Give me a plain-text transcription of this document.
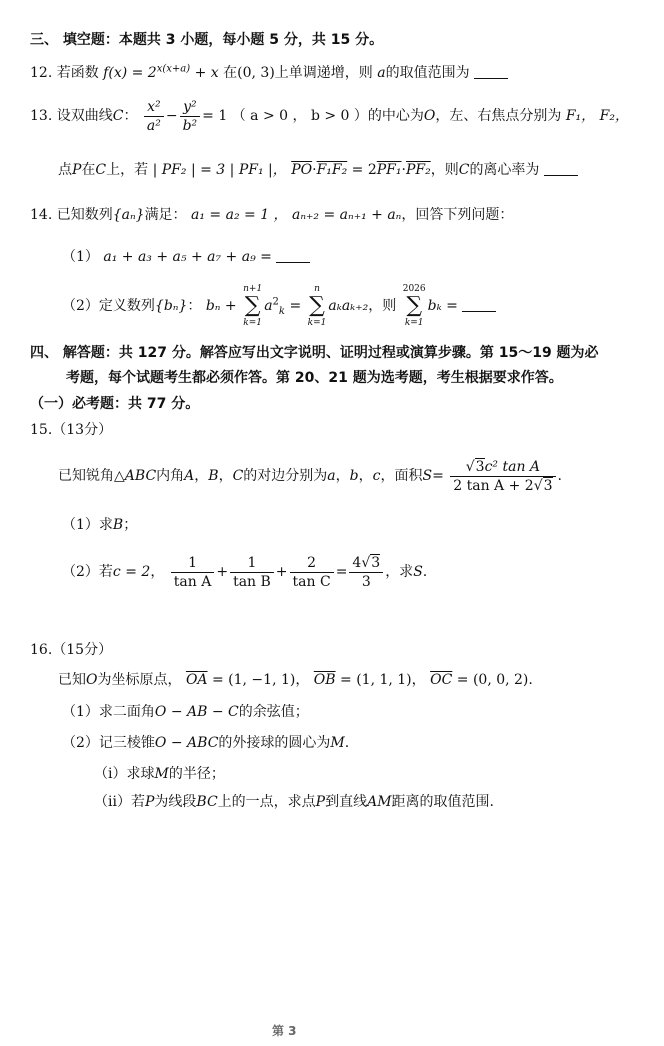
三、 填空题：本题共 3 小题，每小题 5 分，共 15 分。
12. 若函数 $f(x) = 2^{x(x+a)} + x$ 在(0, 3)上单调递增，则 a的取值范围为
13. 设双曲线C： $\frac{\text{x²}}{\text{a²}} - \frac{\text{y²}}{\text{b²}} = 1$ （ a > 0 ， b > 0 ）的中心为O，左、右焦点分别为 F₁， F₂，
点P在C上，若 | PF₂ | = 3 | PF₁ |， $\overline{PO}\cdot F_1F_2 = 2PF_1\cdot PF_2$，则C的离心率为
14. 已知数列{aₙ}满足： a₁ = a₂ = 1 ， aₙ₊₂ = aₙ₊₁ + aₙ，回答下列问题：
（1） a₁ + a₃ + a₅ + a₇ + a₉ =
（2）定义数列{bₙ}： bₙ +
n+1
∑
k=1
$a^2_k$ =
n
∑
k=1
aₖaₖ₊₂，则
2026
∑
k=1
bₖ =
四、 解答题：共 127 分。解答应写出文字说明、证明过程或演算步骤。第 15～19 题为必
考题，每个试题考生都必须作答。第 20、21 题为选考题，考生根据要求作答。
（一）必考题：共 77 分。
15.（13分）
已知锐角△ABC内角A，B，C的对边分别为a，b，c，面积$S= \frac{\text{√3c² tan A}}{\text{2 tan A + 2√3}}$ .
（1）求B；
（2）若c = 2， $\frac{1}{\text{tan A}} + \frac{1}{\text{tan B}} + \frac{2}{\text{tan C}} = \frac{4√3}{3}$ ，求S.
16.（15分）
已知O为坐标原点， $\overline{OA} = (1$, −1, 1)， $\overline{OB} = (1$, 1, 1)， $\overline{OC} = (0$, 0, 2).
（1）求二面角O − AB − C的余弦值；
（2）记三棱锥O − ABC的外接球的圆心为M.
（i）求球M的半径；
（ii）若P为线段BC上的一点，求点P到直线AM距离的取值范围.
第 3
